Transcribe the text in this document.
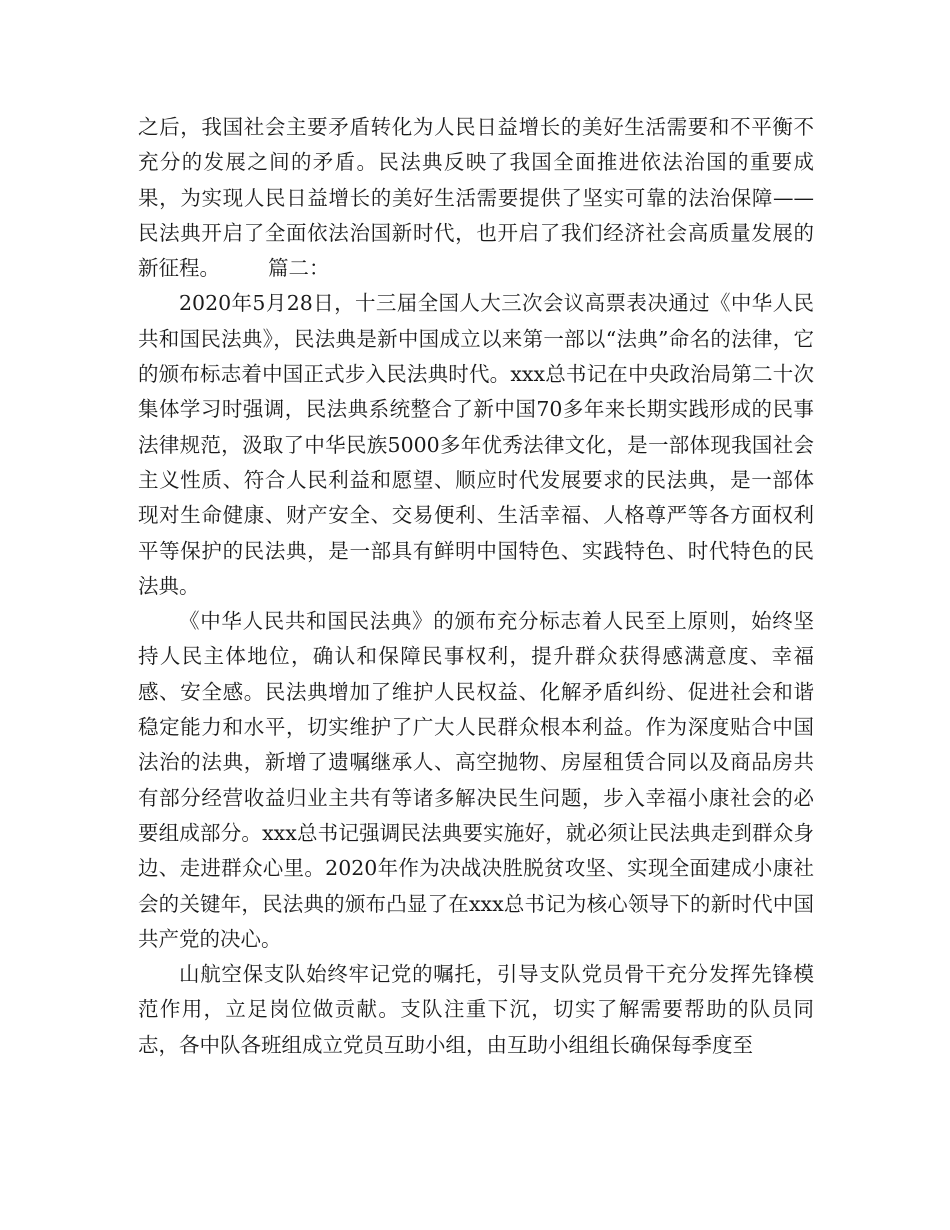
之后，我国社会主要矛盾转化为人民日益增长的美好生活需要和不平衡不充分的发展之间的矛盾。民法典反映了我国全面推进依法治国的重要成果，为实现人民日益增长的美好生活需要提供了坚实可靠的法治保障——民法典开启了全面依法治国新时代，也开启了我们经济社会高质量发展的新征程。 篇二：

2020年5月28日，十三届全国人大三次会议高票表决通过《中华人民共和国民法典》，民法典是新中国成立以来第一部以“法典”命名的法律，它的颁布标志着中国正式步入民法典时代。xxx总书记在中央政治局第二十次集体学习时强调，民法典系统整合了新中国70多年来长期实践形成的民事法律规范，汲取了中华民族5000多年优秀法律文化，是一部体现我国社会主义性质、符合人民利益和愿望、顺应时代发展要求的民法典，是一部体现对生命健康、财产安全、交易便利、生活幸福、人格尊严等各方面权利平等保护的民法典，是一部具有鲜明中国特色、实践特色、时代特色的民法典。

《中华人民共和国民法典》的颁布充分标志着人民至上原则，始终坚持人民主体地位，确认和保障民事权利，提升群众获得感满意度、幸福感、安全感。民法典增加了维护人民权益、化解矛盾纠纷、促进社会和谐稳定能力和水平，切实维护了广大人民群众根本利益。作为深度贴合中国法治的法典，新增了遗嘱继承人、高空抛物、房屋租赁合同以及商品房共有部分经营收益归业主共有等诸多解决民生问题，步入幸福小康社会的必要组成部分。xxx总书记强调民法典要实施好，就必须让民法典走到群众身边、走进群众心里。2020年作为决战决胜脱贫攻坚、实现全面建成小康社会的关键年，民法典的颁布凸显了在xxx总书记为核心领导下的新时代中国共产党的决心。

山航空保支队始终牢记党的嘱托，引导支队党员骨干充分发挥先锋模范作用，立足岗位做贡献。支队注重下沉，切实了解需要帮助的队员同志，各中队各班组成立党员互助小组，由互助小组组长确保每季度至
